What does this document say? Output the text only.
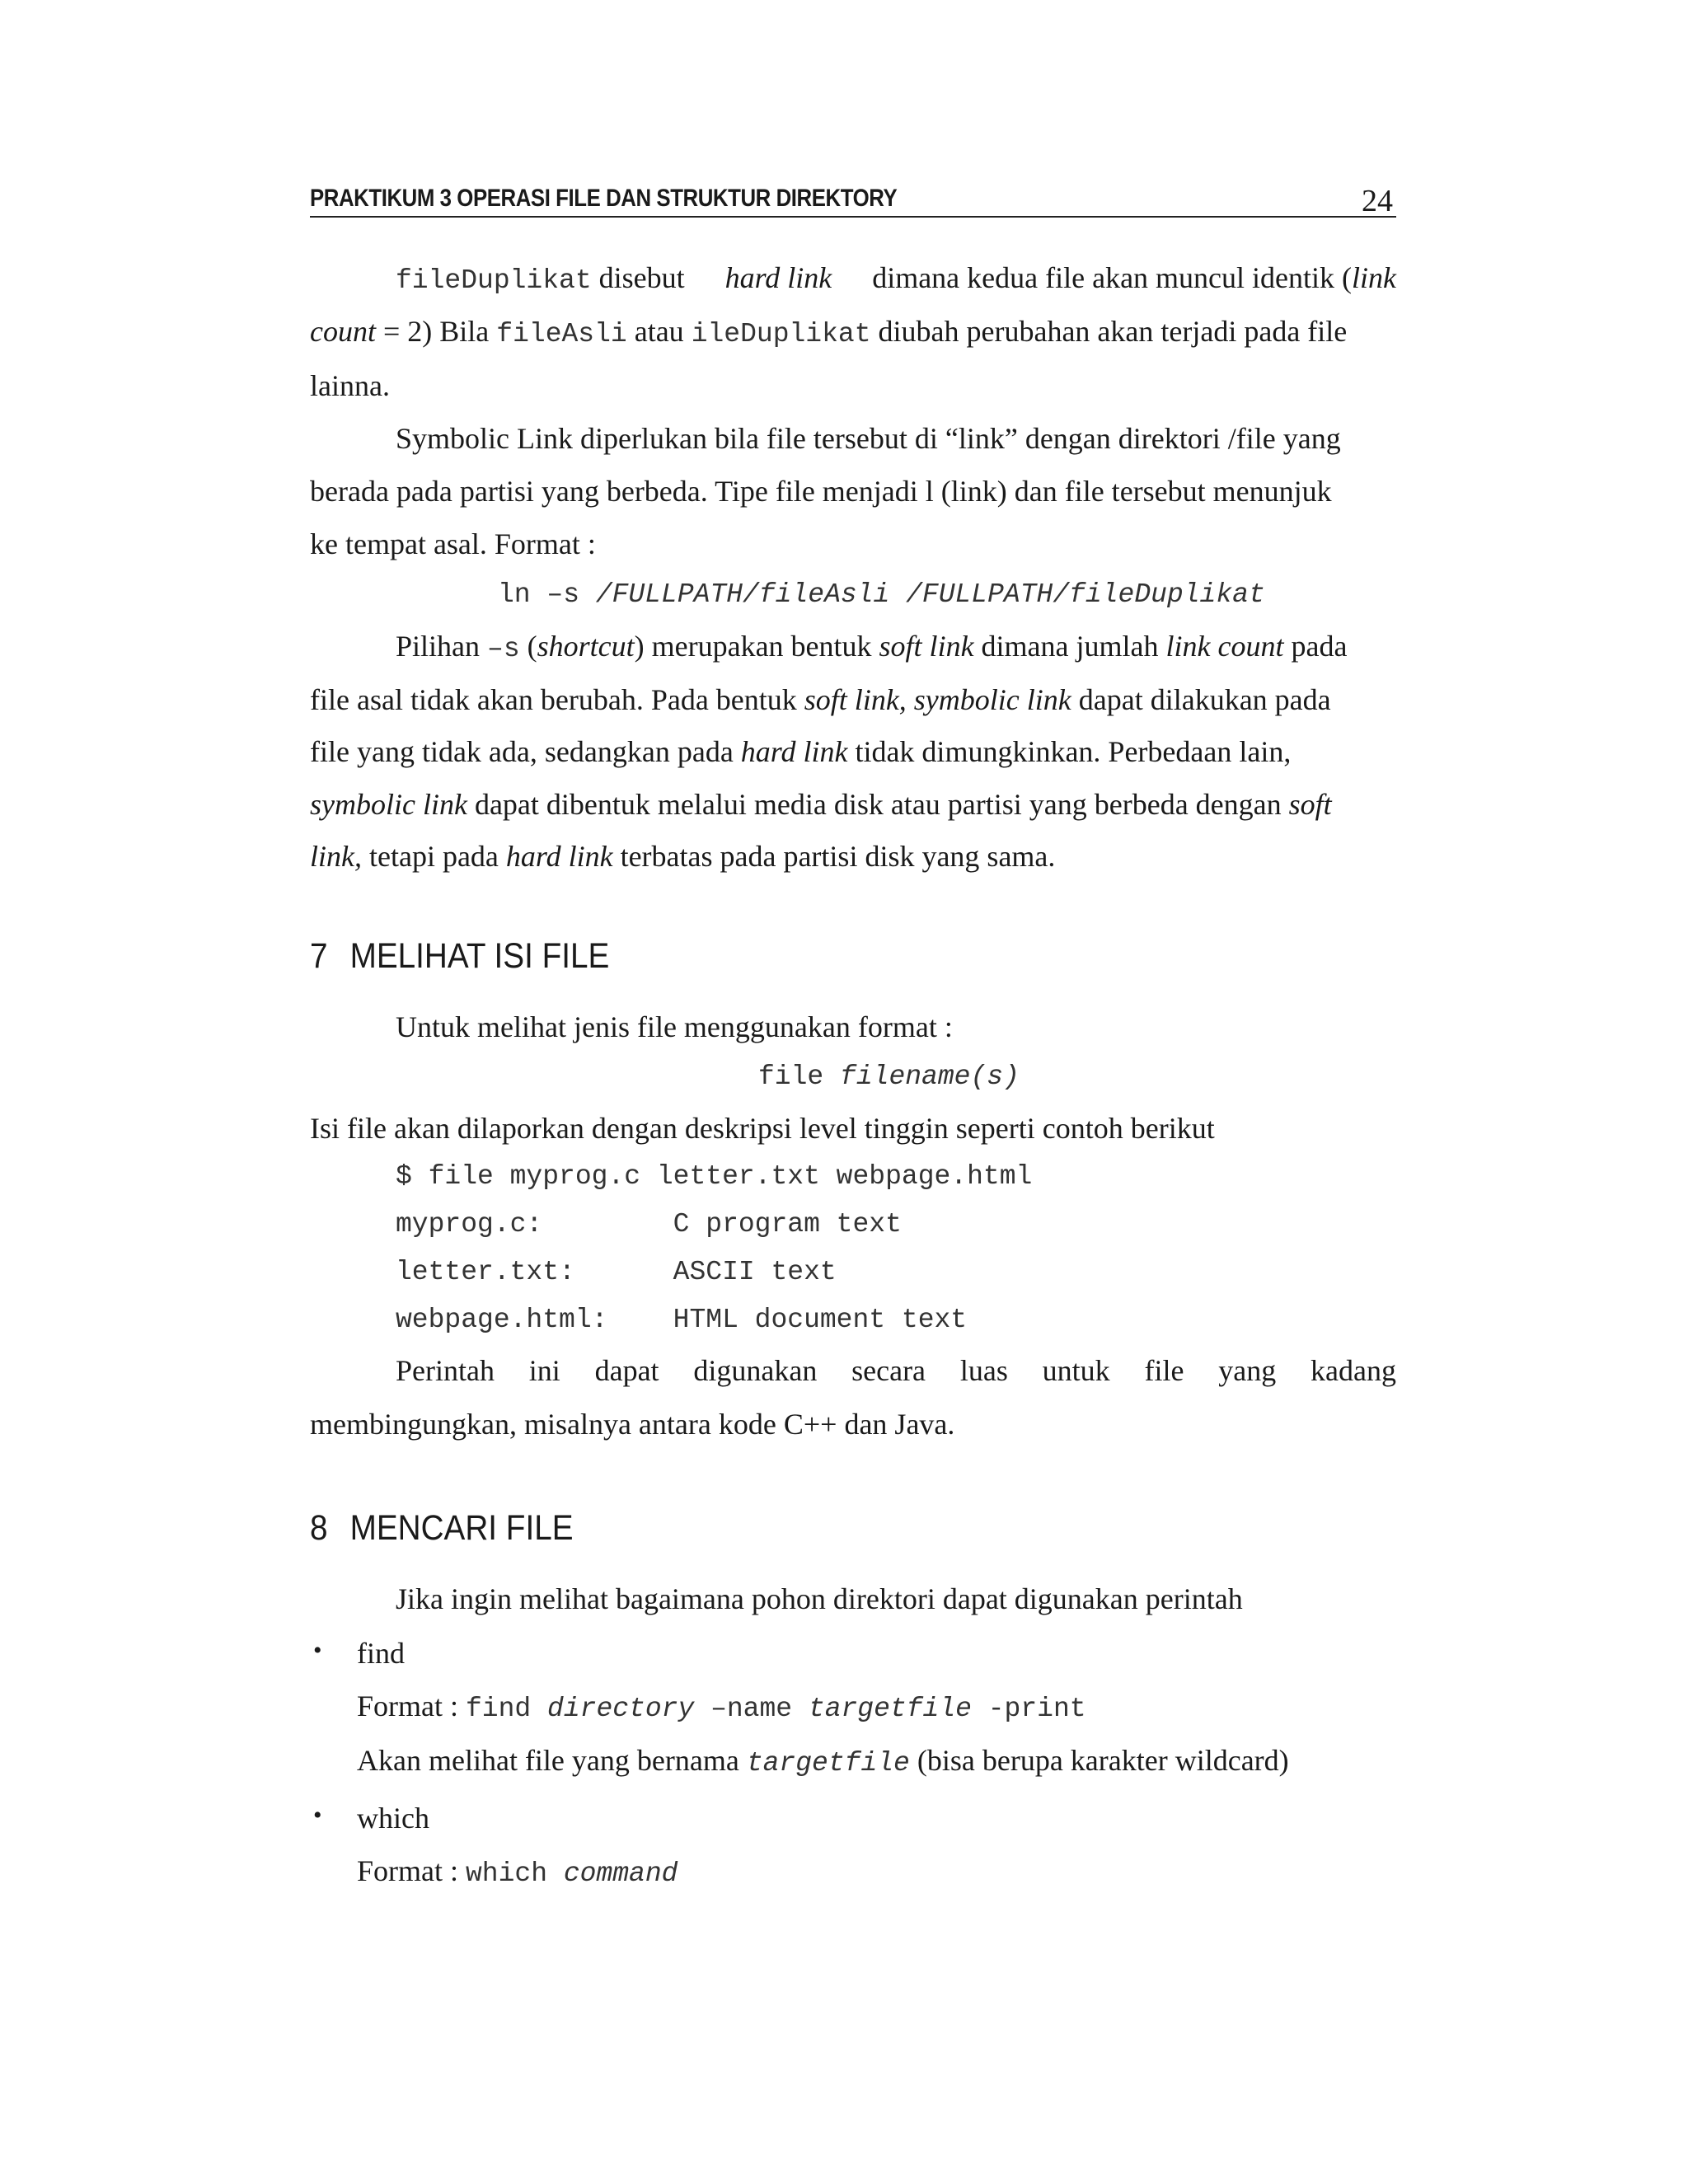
PRAKTIKUM 3 OPERASI FILE DAN STRUKTUR DIREKTORY	24
fileDuplikat disebut hard link dimana kedua file akan muncul identik (link
count = 2) Bila fileAsli atau ileDuplikat diubah perubahan akan terjadi pada file
lainna.
Symbolic Link diperlukan bila file tersebut di “link” dengan direktori /file yang
berada pada partisi yang berbeda. Tipe file menjadi l (link) dan file tersebut menunjuk
ke tempat asal. Format :
ln –s /FULLPATH/fileAsli /FULLPATH/fileDuplikat
Pilihan –s (shortcut) merupakan bentuk soft link dimana jumlah link count pada
file asal tidak akan berubah. Pada bentuk soft link, symbolic link dapat dilakukan pada
file yang tidak ada, sedangkan pada hard link tidak dimungkinkan. Perbedaan lain,
symbolic link dapat dibentuk melalui media disk atau partisi yang berbeda dengan soft
link, tetapi pada hard link terbatas pada partisi disk yang sama.
7 MELIHAT ISI FILE
Untuk melihat jenis file menggunakan format :
file filename(s)
Isi file akan dilaporkan dengan deskripsi level tinggin seperti contoh berikut
$ file myprog.c letter.txt webpage.html
myprog.c:        C program text
letter.txt:      ASCII text
webpage.html:    HTML document text
Perintah ini dapat digunakan secara luas untuk file yang kadang
membingungkan, misalnya antara kode C++ dan Java.
8 MENCARI FILE
Jika ingin melihat bagaimana pohon direktori dapat digunakan perintah
• find
Format : find directory –name targetfile -print
Akan melihat file yang bernama targetfile (bisa berupa karakter wildcard)
• which
Format : which command
